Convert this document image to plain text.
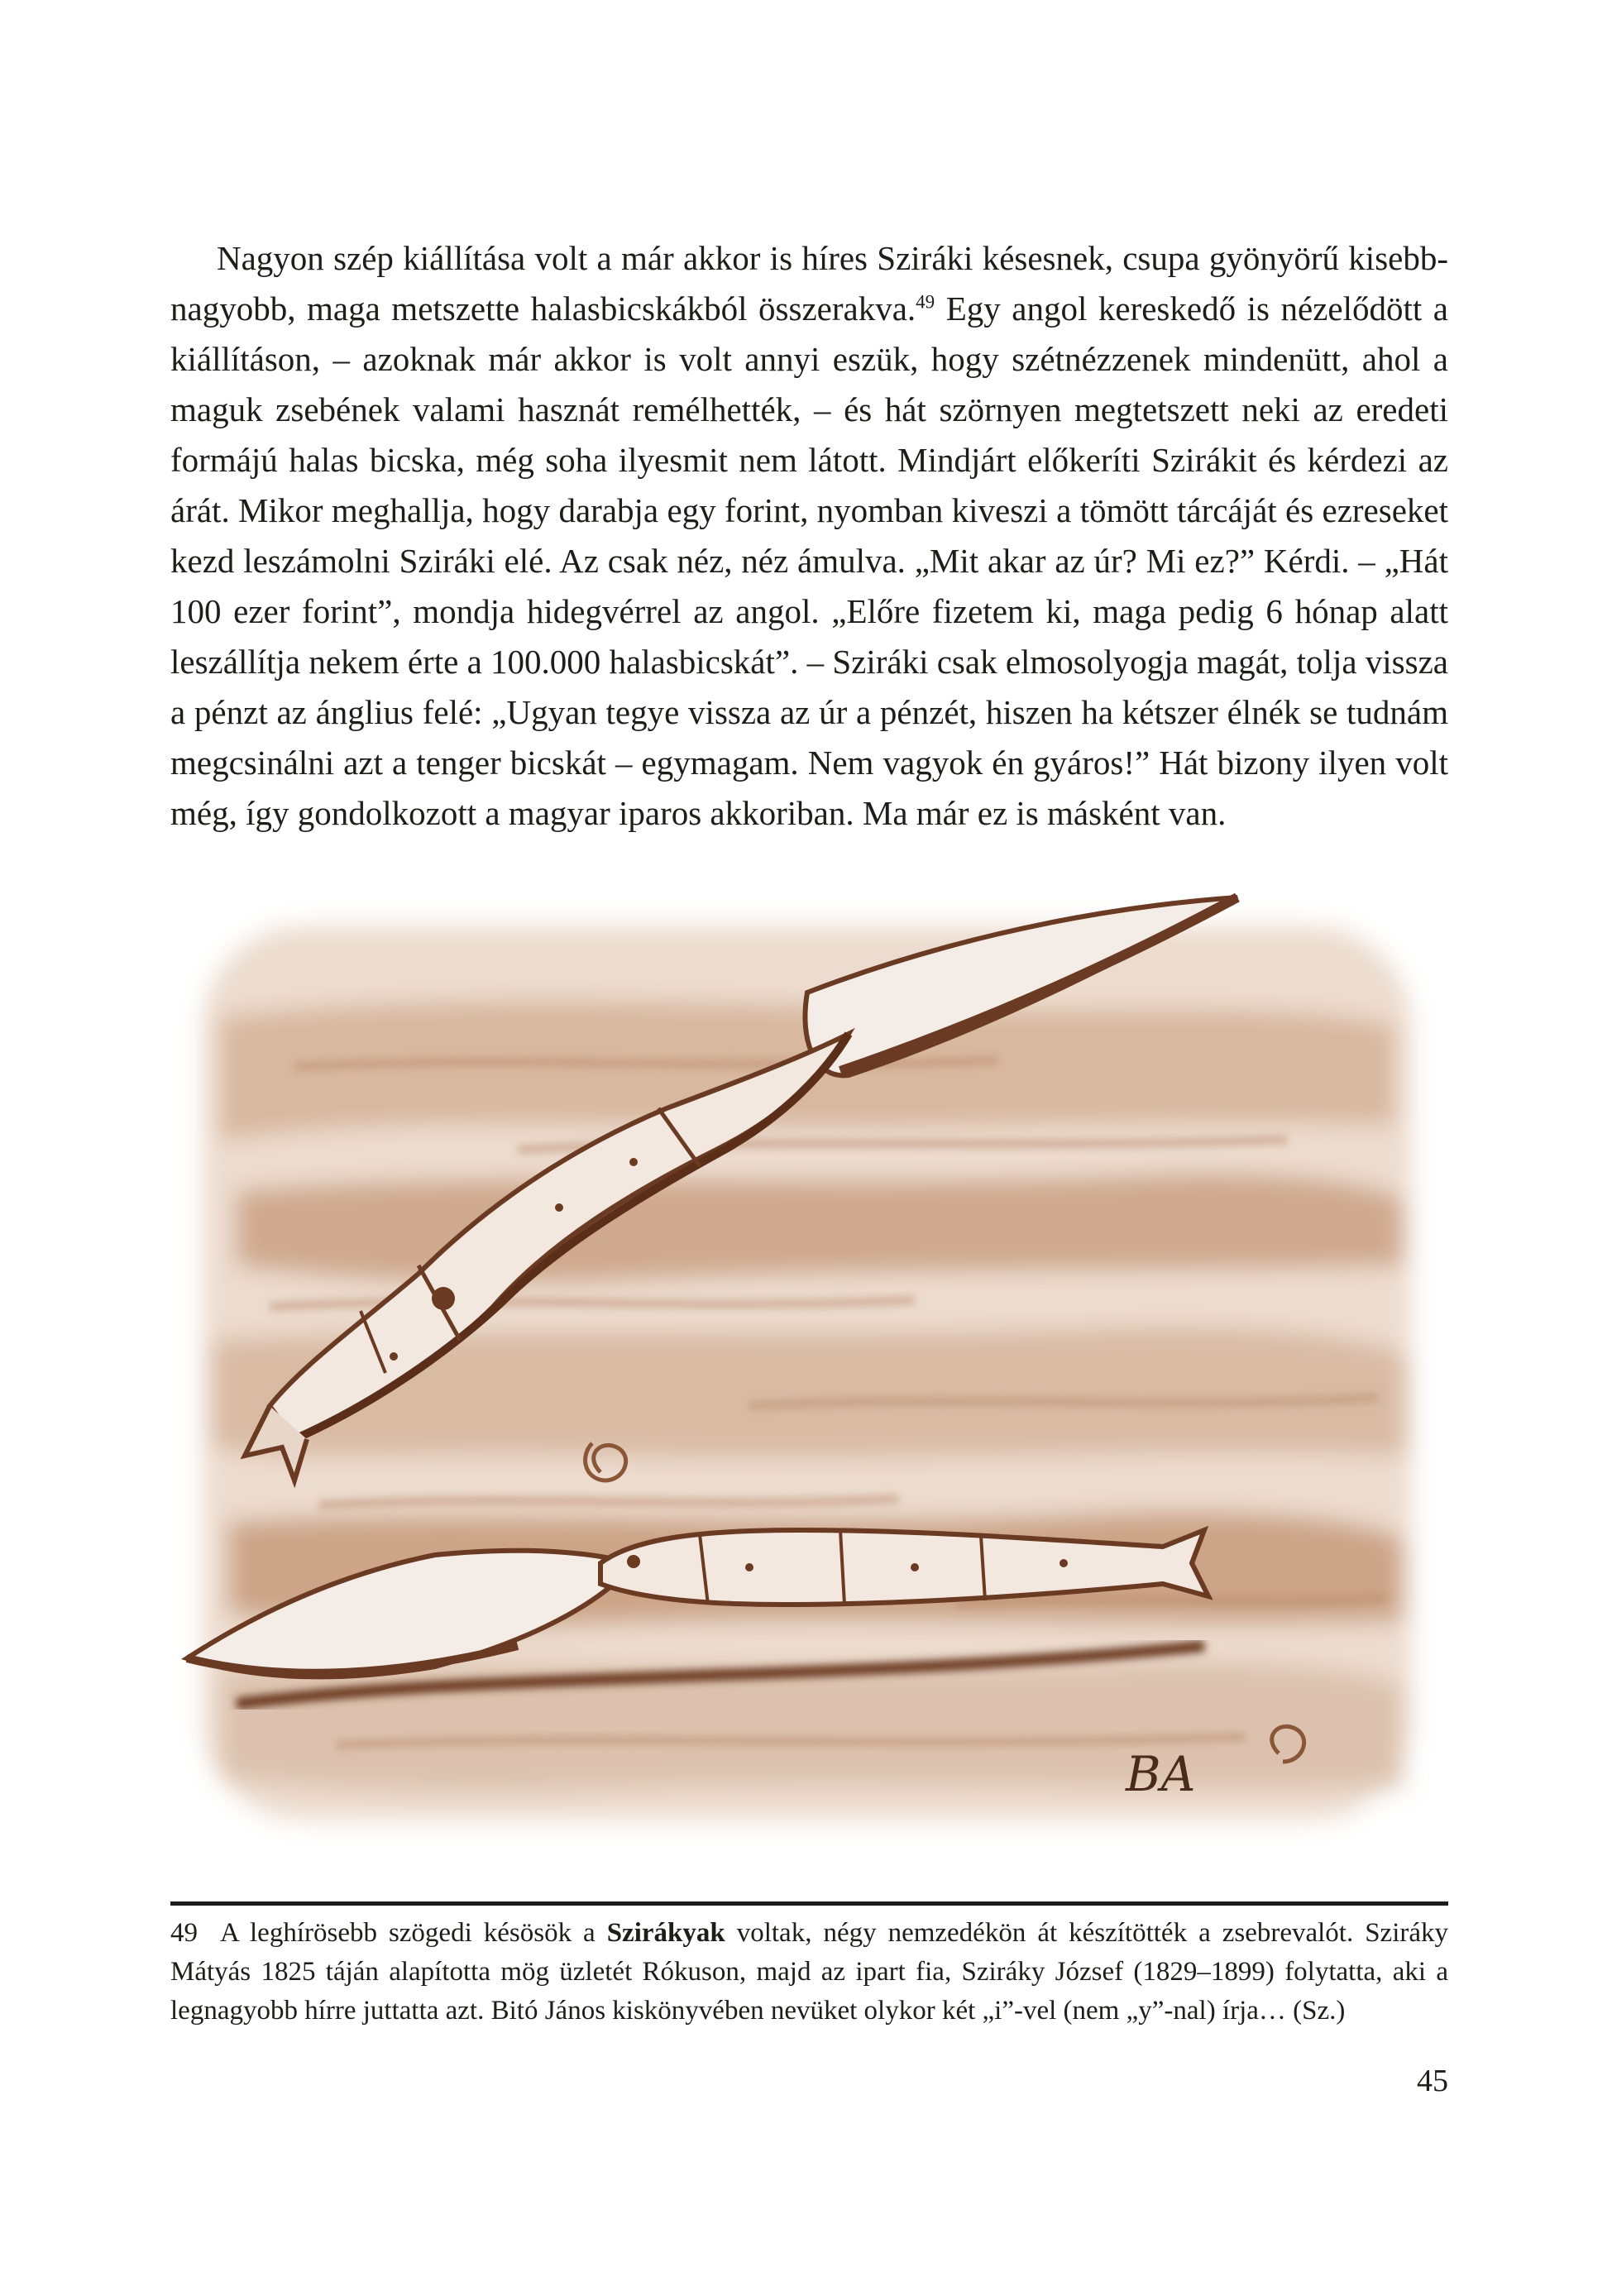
Nagyon szép kiállítása volt a már akkor is híres Sziráki késesnek, csupa gyönyörű kisebb-nagyobb, maga metszette halasbicskákból összerakva.$^{49}$ Egy angol kereskedő is nézelődött a kiállításon, – azoknak már akkor is volt annyi eszük, hogy szétnézzenek mindenütt, ahol a maguk zsebének valami hasznát remélhették, – és hát szörnyen megtetszett neki az eredeti formájú halas bicska, még soha ilyesmit nem látott. Mindjárt előkeríti Szirákit és kérdezi az árát. Mikor meghallja, hogy darabja egy forint, nyomban kiveszi a tömött tárcáját és ezreseket kezd leszámolni Sziráki elé. Az csak néz, néz ámulva. „Mit akar az úr? Mi ez?” Kérdi. – „Hát 100 ezer forint”, mondja hidegvérrel az angol. „Előre fizetem ki, maga pedig 6 hónap alatt leszállítja nekem érte a 100.000 halasbicskát”. – Sziráki csak elmosolyogja magát, tolja vissza a pénzt az ánglius felé: „Ugyan tegye vissza az úr a pénzét, hiszen ha kétszer élnék se tudnám megcsinálni azt a tenger bicskát – egymagam. Nem vagyok én gyáros!” Hát bizony ilyen volt még, így gondolkozott a magyar iparos akkoriban. Ma már ez is másként van.

BA

49 A leghírösebb szögedi késösök a Szirákyak voltak, négy nemzedékön át készítötték a zsebrevalót. Sziráky Mátyás 1825 táján alapította mög üzletét Rókuson, majd az ipart fia, Sziráky József (1829–1899) folytatta, aki a legnagyobb hírre juttatta azt. Bitó János kiskönyvében nevüket olykor két „i”-vel (nem „y”-nal) írja… (Sz.)

45
